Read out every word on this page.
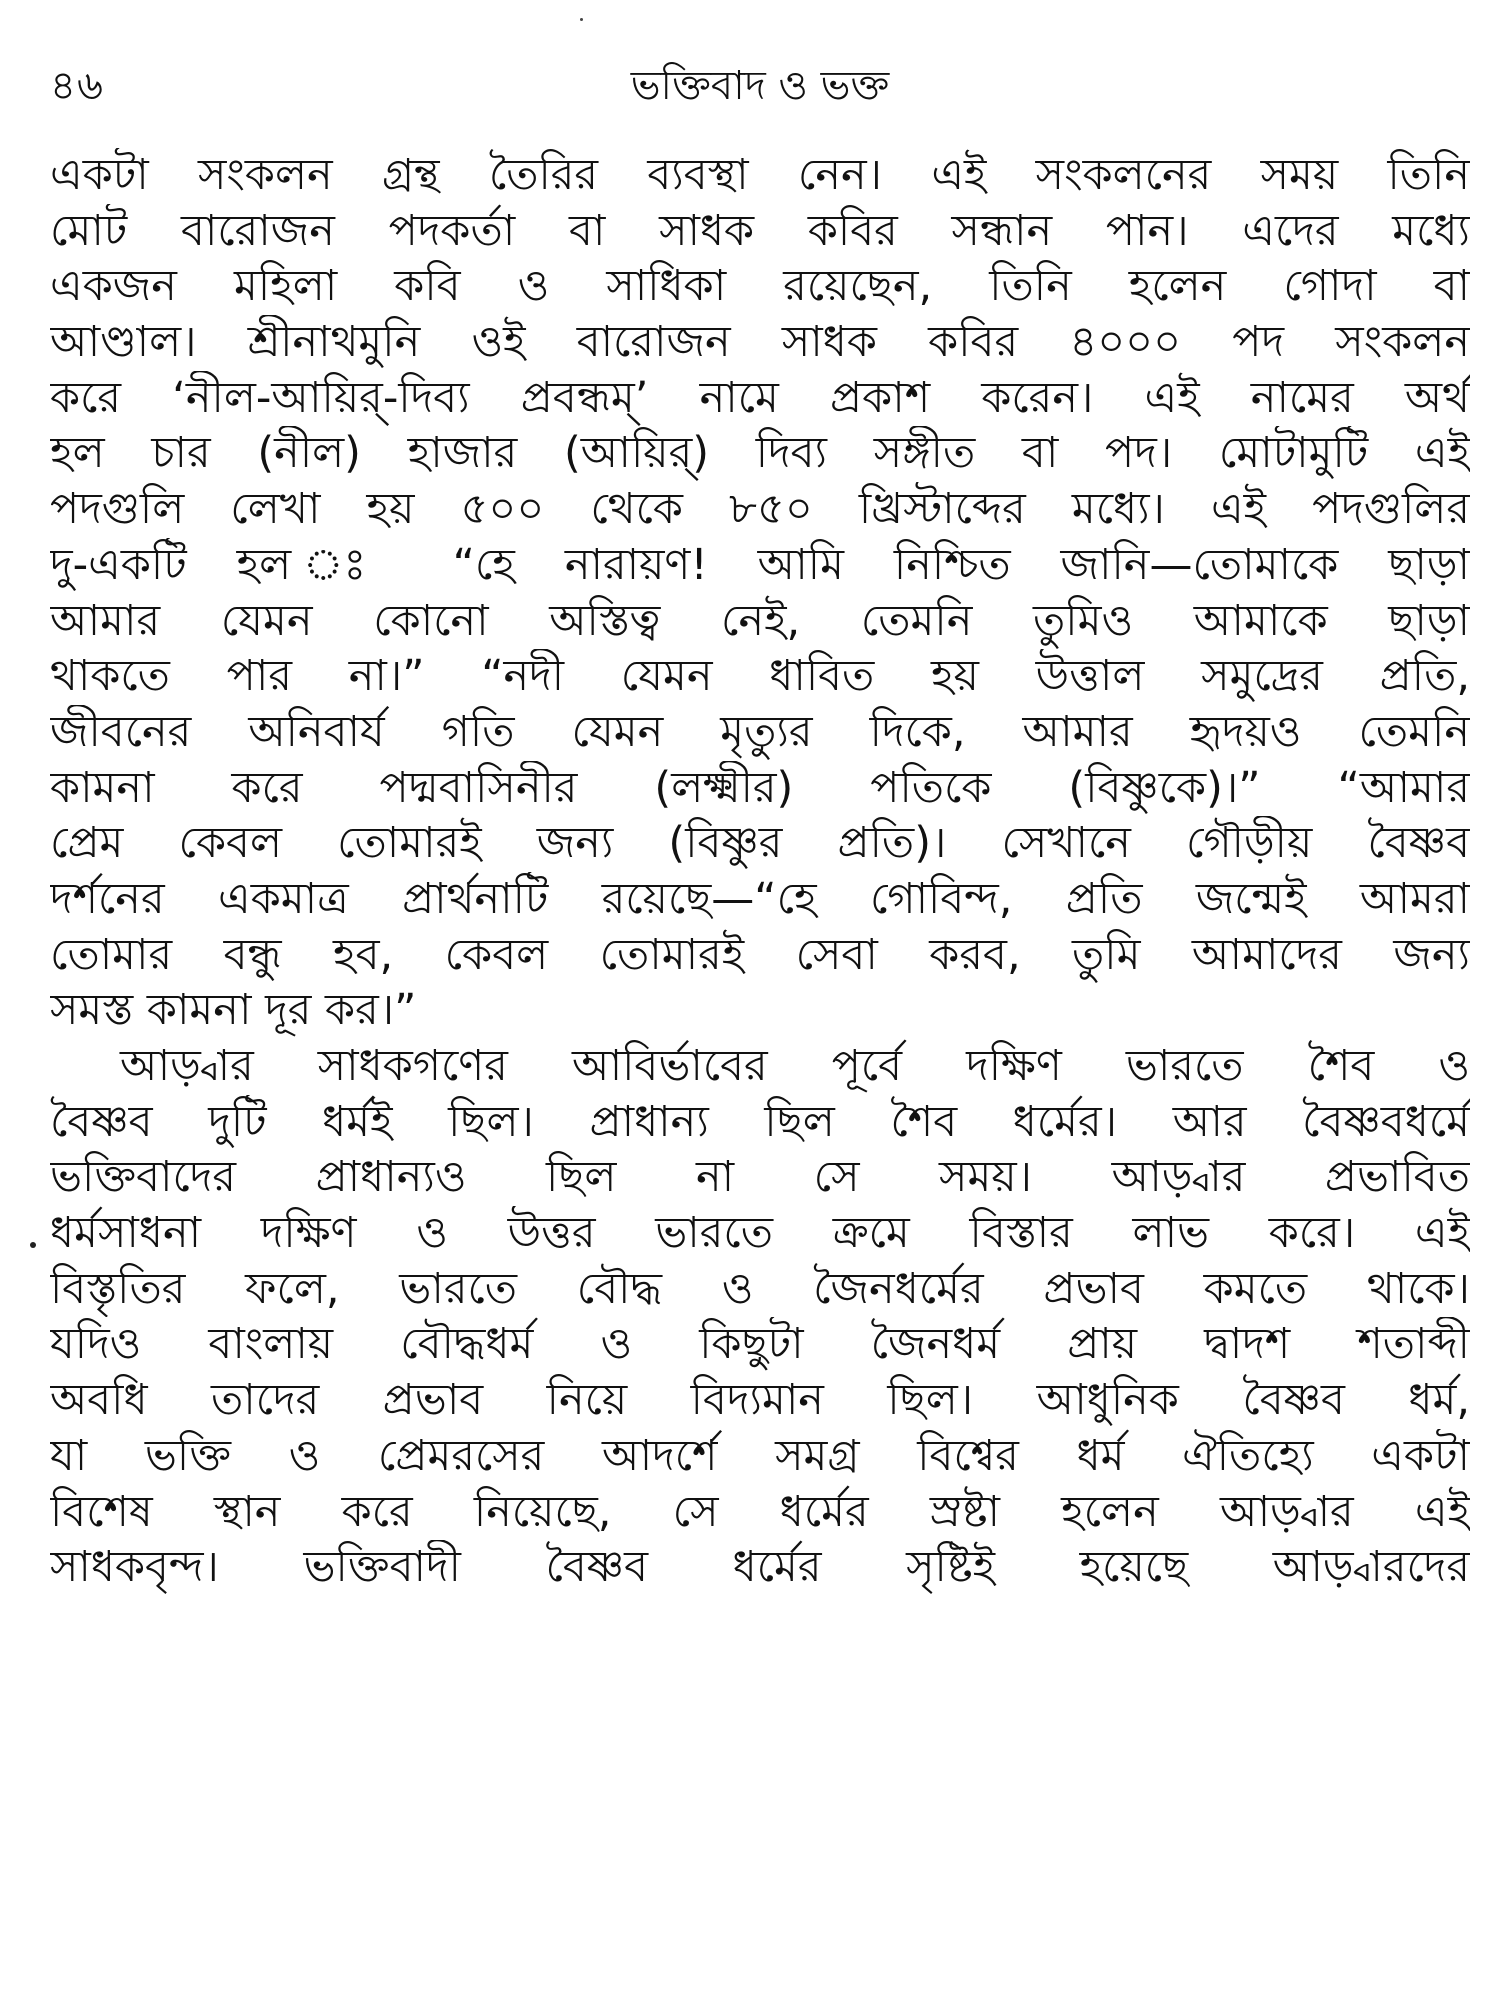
৪৬	ভক্তিবাদ ও ভক্ত
একটা সংকলন গ্রন্থ তৈরির ব্যবস্থা নেন। এই সংকলনের সময় তিনি
মোট বারোজন পদকর্তা বা সাধক কবির সন্ধান পান। এদের মধ্যে
একজন মহিলা কবি ও সাধিকা রয়েছেন, তিনি হলেন গোদা বা
আণ্ডাল। শ্রীনাথমুনি ওই বারোজন সাধক কবির ৪০০০ পদ সংকলন
করে ‘নীল-আয়ির্-দিব্য প্রবন্ধম্’ নামে প্রকাশ করেন। এই নামের অর্থ
হল চার (নীল) হাজার (আয়ির্) দিব্য সঙ্গীত বা পদ। মোটামুটি এই
পদগুলি লেখা হয় ৫০০ থেকে ৮৫০ খ্রিস্টাব্দের মধ্যে। এই পদগুলির
দু-একটি হল ঃ “হে নারায়ণ! আমি নিশ্চিত জানি—তোমাকে ছাড়া
আমার যেমন কোনো অস্তিত্ব নেই, তেমনি তুমিও আমাকে ছাড়া
থাকতে পার না।” “নদী যেমন ধাবিত হয় উত্তাল সমুদ্রের প্রতি,
জীবনের অনিবার্য গতি যেমন মৃত্যুর দিকে, আমার হৃদয়ও তেমনি
কামনা করে পদ্মবাসিনীর (লক্ষ্মীর) পতিকে (বিষ্ণুকে)।” “আমার
প্রেম কেবল তোমারই জন্য (বিষ্ণুর প্রতি)। সেখানে গৌড়ীয় বৈষ্ণব
দর্শনের একমাত্র প্রার্থনাটি রয়েছে—“হে গোবিন্দ, প্রতি জন্মেই আমরা
তোমার বন্ধু হব, কেবল তোমারই সেবা করব, তুমি আমাদের জন্য
সমস্ত কামনা দূর কর।”
আড়্বার সাধকগণের আবির্ভাবের পূর্বে দক্ষিণ ভারতে শৈব ও
বৈষ্ণব দুটি ধর্মই ছিল। প্রাধান্য ছিল শৈব ধর্মের। আর বৈষ্ণবধর্মে
ভক্তিবাদের প্রাধান্যও ছিল না সে সময়। আড়্বার প্রভাবিত
ধর্মসাধনা দক্ষিণ ও উত্তর ভারতে ক্রমে বিস্তার লাভ করে। এই
বিস্তৃতির ফলে, ভারতে বৌদ্ধ ও জৈনধর্মের প্রভাব কমতে থাকে।
যদিও বাংলায় বৌদ্ধধর্ম ও কিছুটা জৈনধর্ম প্রায় দ্বাদশ শতাব্দী
অবধি তাদের প্রভাব নিয়ে বিদ্যমান ছিল। আধুনিক বৈষ্ণব ধর্ম,
যা ভক্তি ও প্রেমরসের আদর্শে সমগ্র বিশ্বের ধর্ম ঐতিহ্যে একটা
বিশেষ স্থান করে নিয়েছে, সে ধর্মের স্রষ্টা হলেন আড়্বার এই
সাধকবৃন্দ। ভক্তিবাদী বৈষ্ণব ধর্মের সৃষ্টিই হয়েছে আড়্বারদের
